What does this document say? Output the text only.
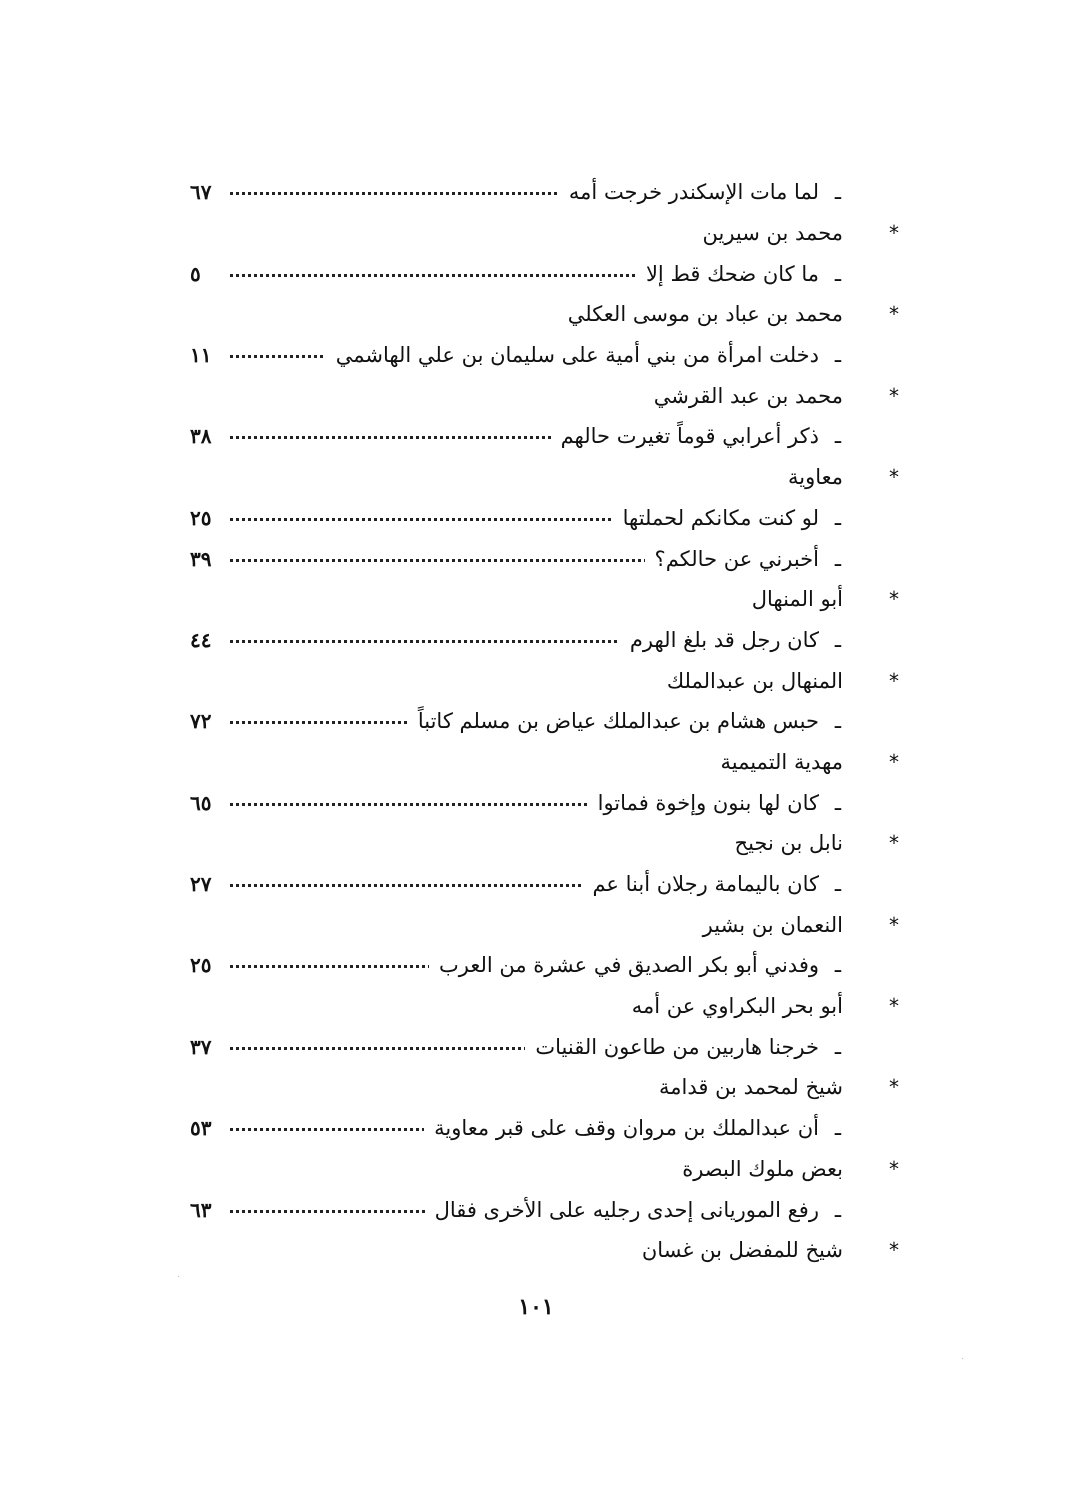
ـ
لما مات الإسكندر خرجت أمه
٦٧
*
محمد بن سيرين
ـ
ما كان ضحك قط إلا
٥
*
محمد بن عباد بن موسى العكلي
ـ
دخلت امرأة من بني أمية على سليمان بن علي الهاشمي
١١
*
محمد بن عبد القرشي
ـ
ذكر أعرابي قوماً تغيرت حالهم
٣٨
*
معاوية
ـ
لو كنت مكانكم لحملتها
٢٥
ـ
أخبرني عن حالكم؟
٣٩
*
أبو المنهال
ـ
كان رجل قد بلغ الهرم
٤٤
*
المنهال بن عبدالملك
ـ
حبس هشام بن عبدالملك عياض بن مسلم كاتباً
٧٢
*
مهدية التميمية
ـ
كان لها بنون وإخوة فماتوا
٦٥
*
نابل بن نجيح
ـ
كان باليمامة رجلان أبنا عم
٢٧
*
النعمان بن بشير
ـ
وفدني أبو بكر الصديق في عشرة من العرب
٢٥
*
أبو بحر البكراوي عن أمه
ـ
خرجنا هاربين من طاعون القنيات
٣٧
*
شيخ لمحمد بن قدامة
ـ
أن عبدالملك بن مروان وقف على قبر معاوية
٥٣
*
بعض ملوك البصرة
ـ
رفع الموريانى إحدى رجليه على الأخرى فقال
٦٣
*
شيخ للمفضل بن غسان
١٠١
